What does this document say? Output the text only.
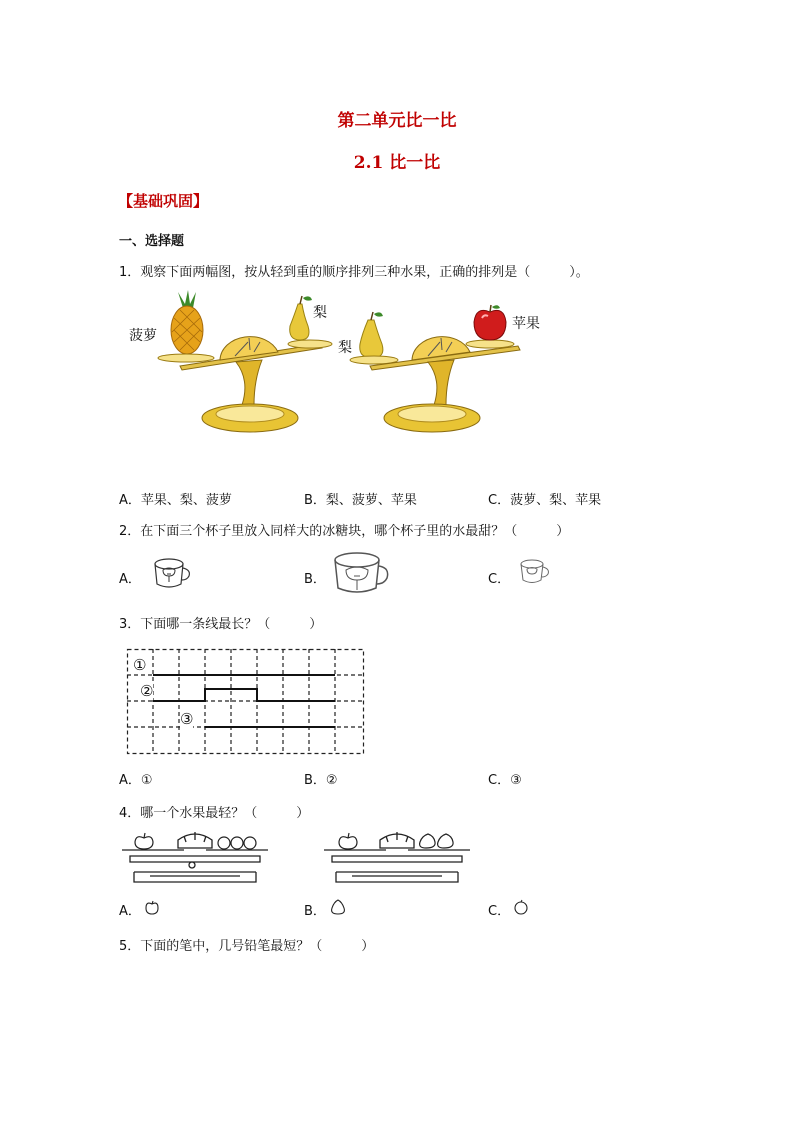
第二单元比一比
2.1 比一比
【基础巩固】
一、选择题
1．观察下面两幅图，按从轻到重的顺序排列三种水果，正确的排列是（　　　）。
菠萝
梨
梨
苹果
A．苹果、梨、菠萝	B．梨、菠萝、苹果	C．菠萝、梨、苹果
2．在下面三个杯子里放入同样大的冰糖块，哪个杯子里的水最甜？（　　　）
A．	B．	C．
3．下面哪一条线最长？（　　　）
①
②
③
A．①	B．②	C．③
4．哪一个水果最轻？（　　　）
A．	B．	C．
5．下面的笔中，几号铅笔最短？（　　　）
